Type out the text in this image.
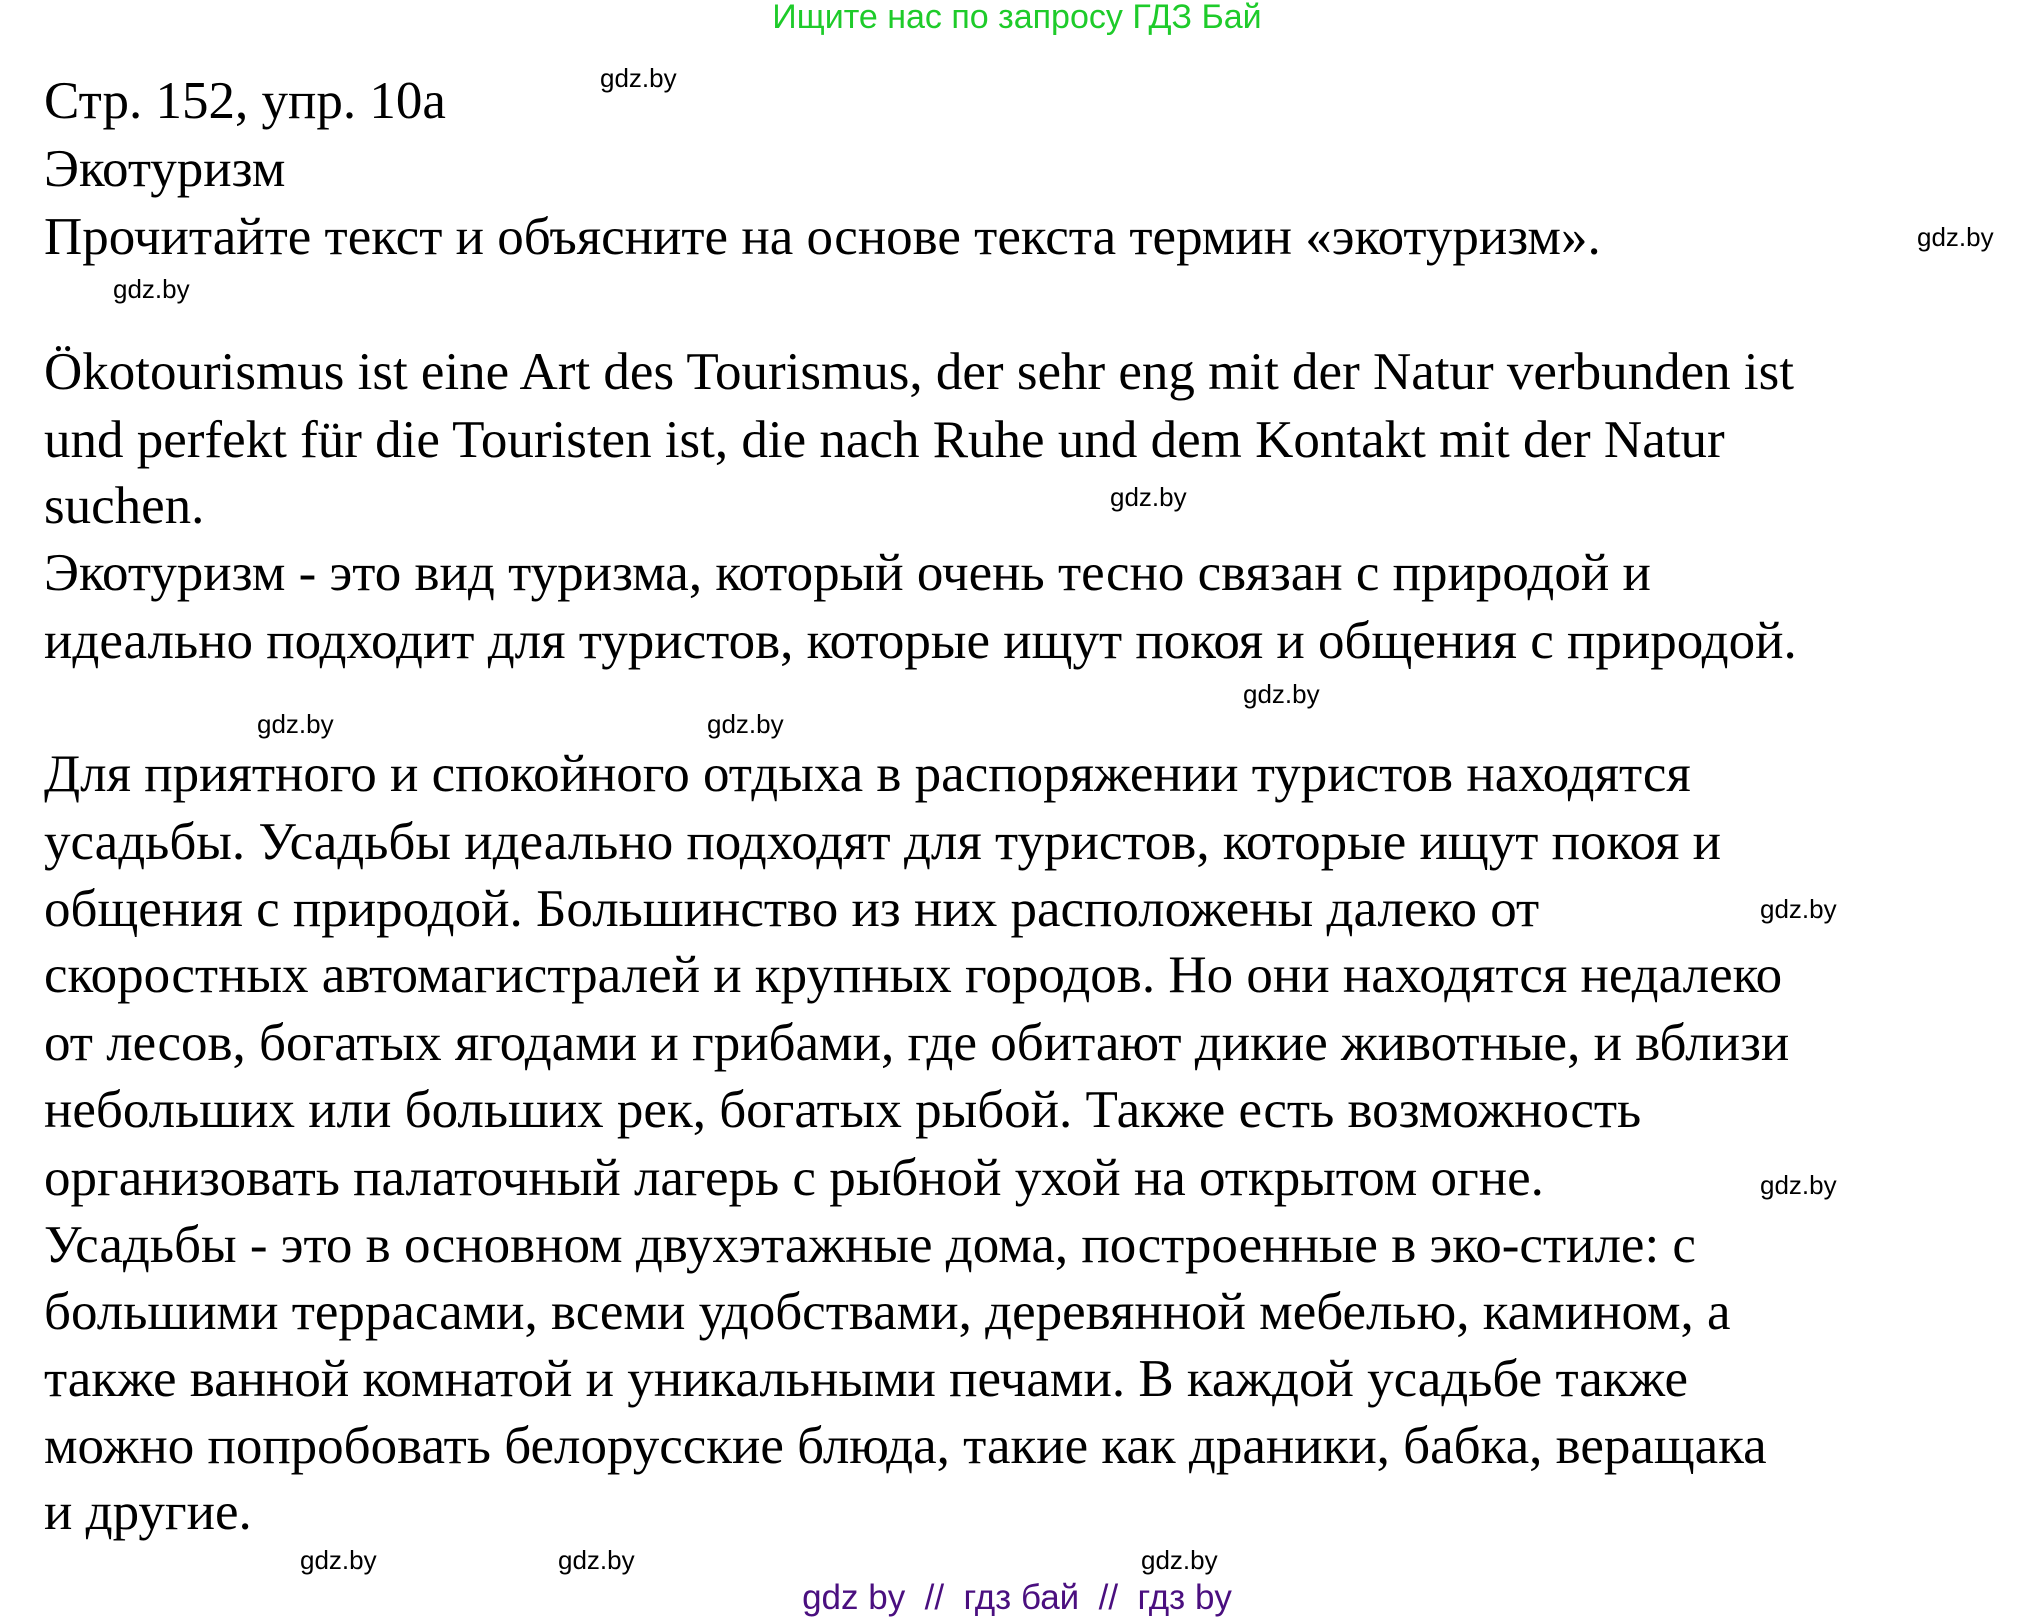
Ищите нас по запросу ГДЗ Бай
Стр. 152, упр. 10а
Экотуризм
Прочитайте текст и объясните на основе текста термин «экотуризм».
Ökotourismus ist eine Art des Tourismus, der sehr eng mit der Natur verbunden ist
und perfekt für die Touristen ist, die nach Ruhe und dem Kontakt mit der Natur
suchen.
Экотуризм - это вид туризма, который очень тесно связан с природой и
идеально подходит для туристов, которые ищут покоя и общения с природой.
Для приятного и спокойного отдыха в распоряжении туристов находятся
усадьбы. Усадьбы идеально подходят для туристов, которые ищут покоя и
общения с природой. Большинство из них расположены далеко от
скоростных автомагистралей и крупных городов. Но они находятся недалеко
от лесов, богатых ягодами и грибами, где обитают дикие животные, и вблизи
небольших или больших рек, богатых рыбой. Также есть возможность
организовать палаточный лагерь с рыбной ухой на открытом огне.
Усадьбы - это в основном двухэтажные дома, построенные в эко-стиле: с
большими террасами, всеми удобствами, деревянной мебелью, камином, а
также ванной комнатой и уникальными печами. В каждой усадьбе также
можно попробовать белорусские блюда, такие как драники, бабка, веращака
и другие.
gdz.by
gdz.by
gdz.by
gdz.by
gdz.by
gdz.by	gdz.by
gdz.by
gdz.by
gdz.by
gdz.by
gdz.by
gdz by  //  гдз бай  //  гдз by
